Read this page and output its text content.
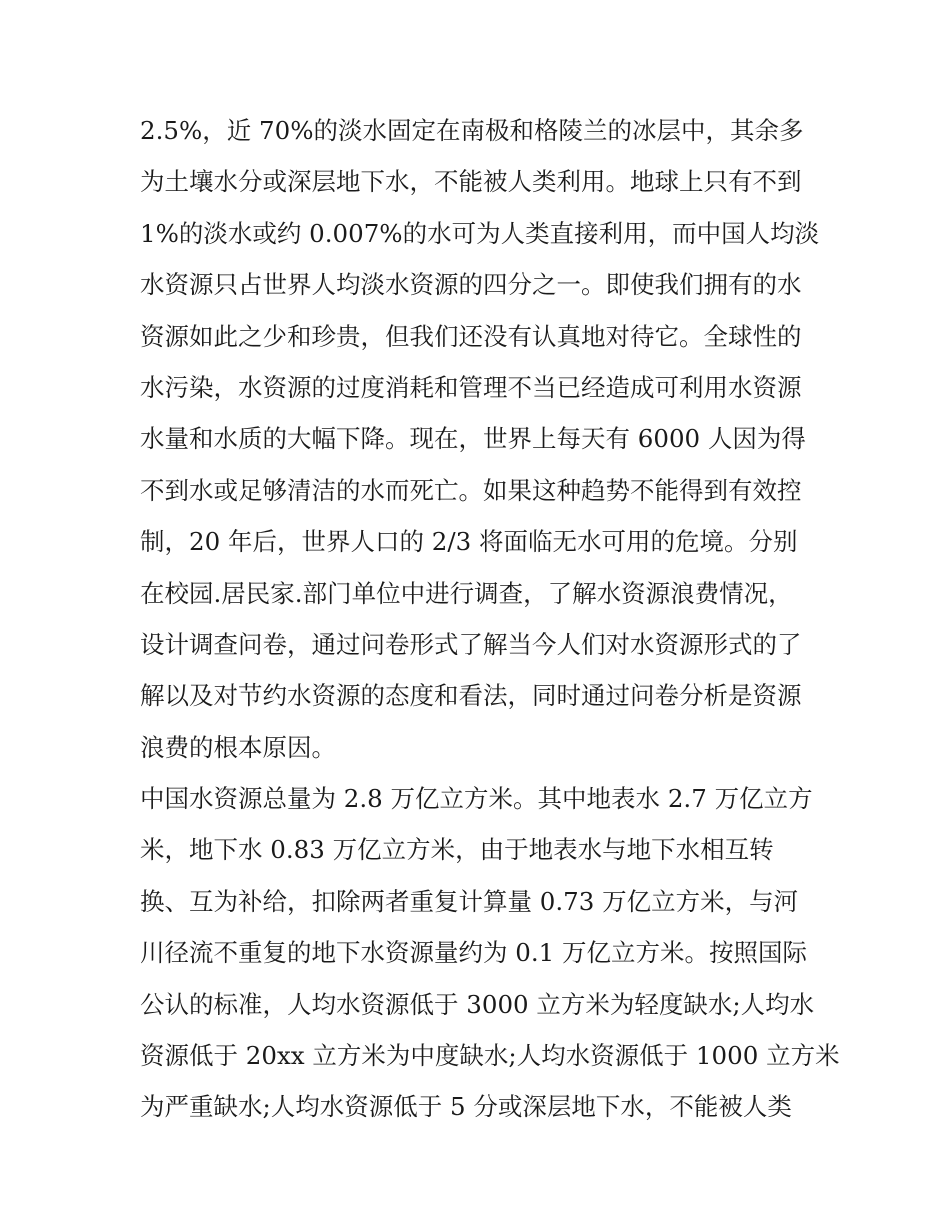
2.5%，近 70%的淡水固定在南极和格陵兰的冰层中，其余多
为土壤水分或深层地下水，不能被人类利用。地球上只有不到
1%的淡水或约 0.007%的水可为人类直接利用，而中国人均淡
水资源只占世界人均淡水资源的四分之一。即使我们拥有的水
资源如此之少和珍贵，但我们还没有认真地对待它。全球性的
水污染，水资源的过度消耗和管理不当已经造成可利用水资源
水量和水质的大幅下降。现在，世界上每天有 6000 人因为得
不到水或足够清洁的水而死亡。如果这种趋势不能得到有效控
制，20 年后，世界人口的 2/3 将面临无水可用的危境。分别
在校园.居民家.部门单位中进行调查，了解水资源浪费情况，
设计调查问卷，通过问卷形式了解当今人们对水资源形式的了
解以及对节约水资源的态度和看法，同时通过问卷分析是资源
浪费的根本原因。
中国水资源总量为 2.8 万亿立方米。其中地表水 2.7 万亿立方
米，地下水 0.83 万亿立方米，由于地表水与地下水相互转
换、互为补给，扣除两者重复计算量 0.73 万亿立方米，与河
川径流不重复的地下水资源量约为 0.1 万亿立方米。按照国际
公认的标准，人均水资源低于 3000 立方米为轻度缺水;人均水
资源低于 20xx 立方米为中度缺水;人均水资源低于 1000 立方米
为严重缺水;人均水资源低于 5 分或深层地下水，不能被人类
